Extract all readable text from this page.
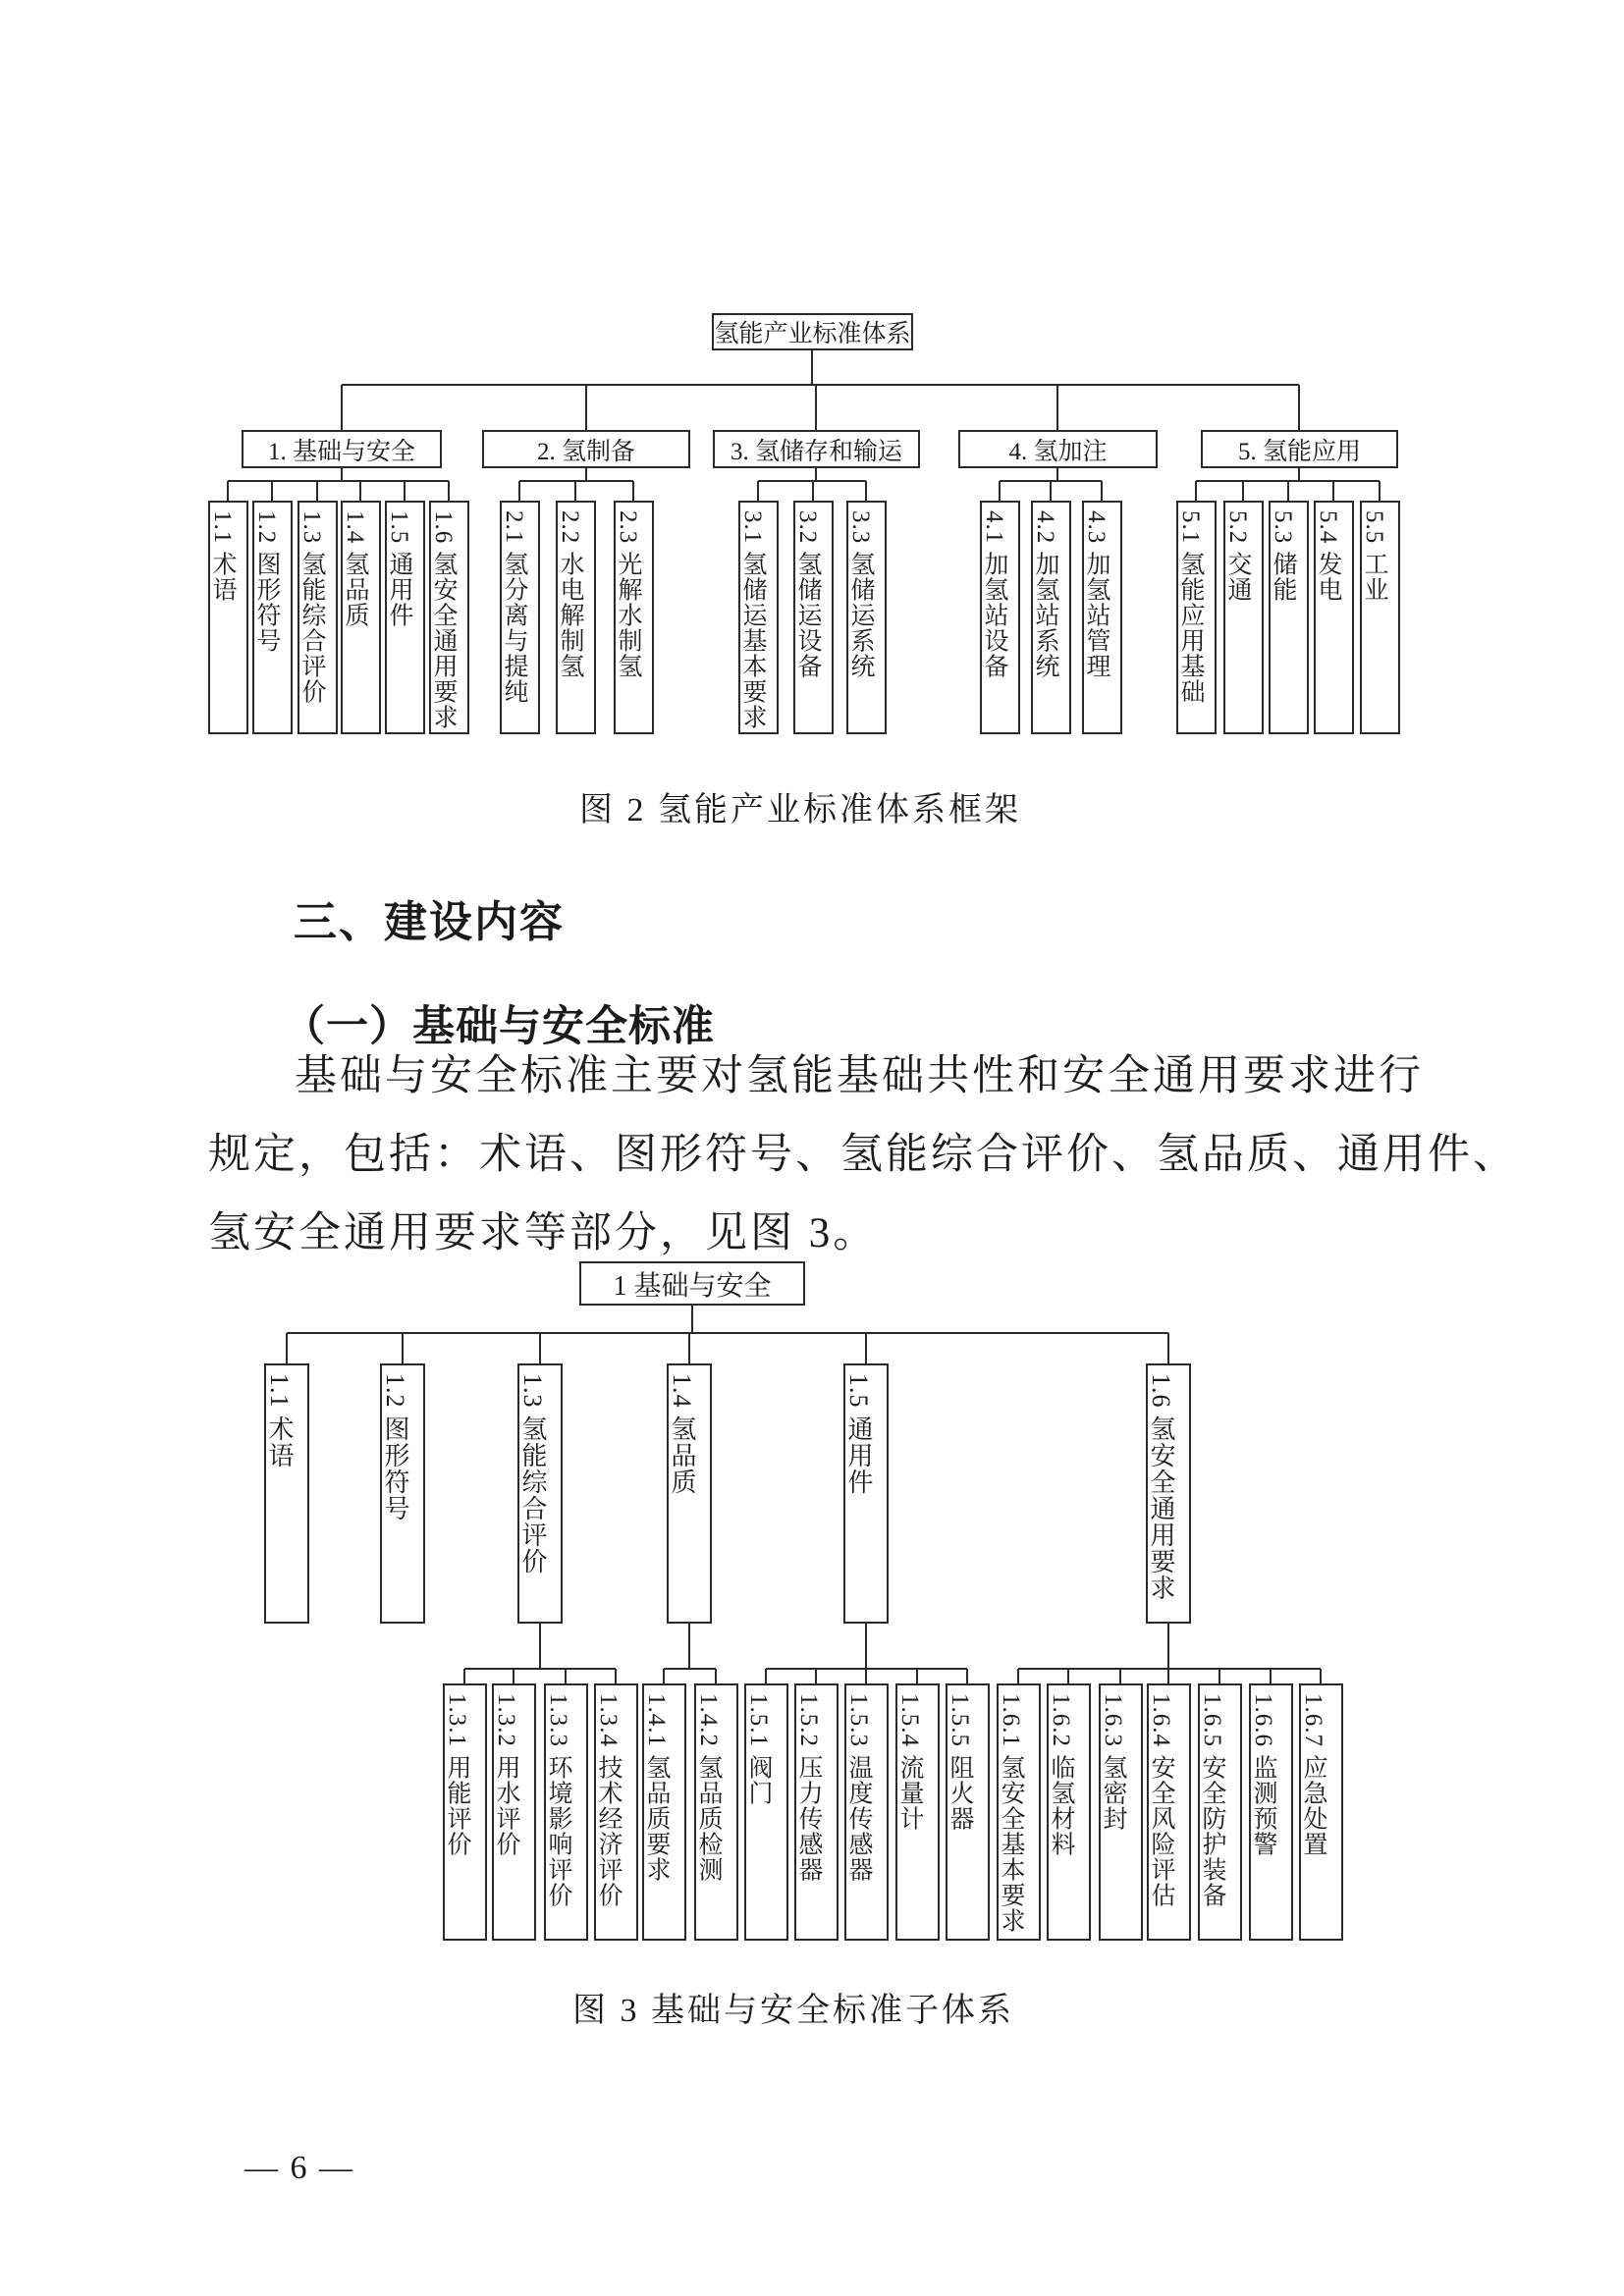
氢能产业标准体系
1. 基础与安全
1.1 术语 1.2 图形符号 1.3 氢能综合评价 1.4 氢品质 1.5 通用件 1.6 氢安全通用要求
2. 氢制备
2.1 氢分离与提纯	2.2 水电解制氢	2.3 光解水制氢
3. 氢储存和输运
3.1 氢储运基本要求	3.2 氢储运设备	3.3 氢储运系统
4. 氢加注
4.1 加氢站设备	4.2 加氢站系统	4.3 加氢站管理
5. 氢能应用
5.1 氢能应用基础 5.2 交通 5.3 储能 5.4 发电 5.5 工业
图 2 氢能产业标准体系框架
三、建设内容
（一）基础与安全标准
基础与安全标准主要对氢能基础共性和安全通用要求进行
规定，包括：术语、图形符号、氢能综合评价、氢品质、通用件、
氢安全通用要求等部分，见图 3。
1 基础与安全
1.1 术语	1.2 图形符号	1.3 氢能综合评价
1.3.1 用能评价 1.3.2 用水评价	1.3.3 环境影响评价 1.3.4 技术经济评价
1.4 氢品质
1.4.1 氢品质要求	1.4.2 氢品质检测
1.5 通用件
1.5.1 阀门 1.5.2 压力传感器 1.5.3 温度传感器	1.5.4 流量计 1.5.5 阻火器
1.6 氢安全通用要求
1.6.1 氢安全基本要求 1.6.2 临氢材料	1.6.3 氢密封 1.6.4 安全风险评估	1.6.5 安全防护装备	1.6.6 监测预警 1.6.7 应急处置
图 3 基础与安全标准子体系
— 6 —
